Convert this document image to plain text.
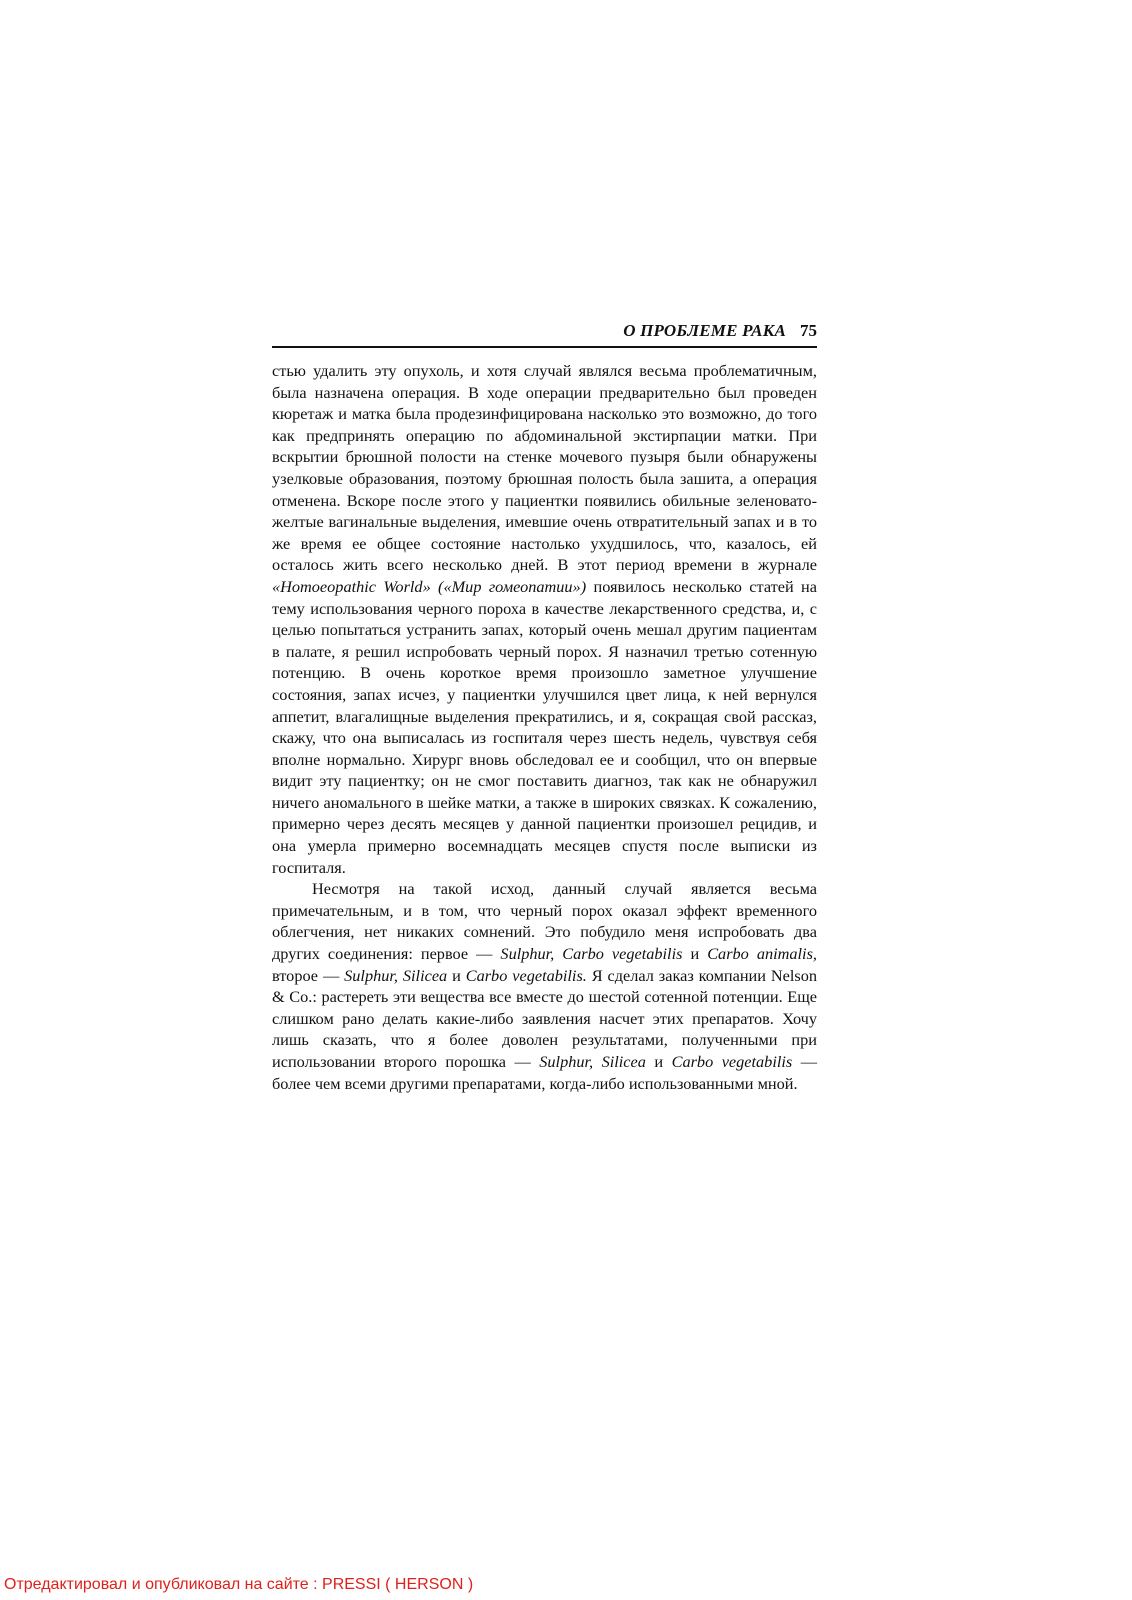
О ПРОБЛЕМЕ РАКА 75

стью удалить эту опухоль, и хотя случай являлся весьма проблематичным, была назначена операция. В ходе операции предварительно был проведен кюретаж и матка была продезинфицирована насколько это возможно, до того как предпринять операцию по абдоминальной экстирпации матки. При вскрытии брюшной полости на стенке мочевого пузыря были обнаружены узелковые образования, поэтому брюшная полость была зашита, а операция отменена. Вскоре после этого у пациентки появились обильные зеленовато-желтые вагинальные выделения, имевшие очень отвратительный запах и в то же время ее общее состояние настолько ухудшилось, что, казалось, ей осталось жить всего несколько дней. В этот период времени в журнале «Homoeopathic World» («Мир гомеопатии») появилось несколько статей на тему использования черного пороха в качестве лекарственного средства, и, с целью попытаться устранить запах, который очень мешал другим пациентам в палате, я решил испробовать черный порох. Я назначил третью сотенную потенцию. В очень короткое время произошло заметное улучшение состояния, запах исчез, у пациентки улучшился цвет лица, к ней вернулся аппетит, влагалищные выделения прекратились, и я, сокращая свой рассказ, скажу, что она выписалась из госпиталя через шесть недель, чувствуя себя вполне нормально. Хирург вновь обследовал ее и сообщил, что он впервые видит эту пациентку; он не смог поставить диагноз, так как не обнаружил ничего аномального в шейке матки, а также в широких связках. К сожалению, примерно через десять месяцев у данной пациентки произошел рецидив, и она умерла примерно восемнадцать месяцев спустя после выписки из госпиталя.

Несмотря на такой исход, данный случай является весьма примечательным, и в том, что черный порох оказал эффект временного облегчения, нет никаких сомнений. Это побудило меня испробовать два других соединения: первое — Sulphur, Carbo vegetabilis и Carbo animalis, второе — Sulphur, Silicea и Carbo vegetabilis. Я сделал заказ компании Nelson & Co.: растереть эти вещества все вместе до шестой сотенной потенции. Еще слишком рано делать какие-либо заявления насчет этих препаратов. Хочу лишь сказать, что я более доволен результатами, полученными при использовании второго порошка — Sulphur, Silicea и Carbo vegetabilis — более чем всеми другими препаратами, когда-либо использованными мной.

Отредактировал и опубликовал на сайте : PRESSI ( HERSON )
